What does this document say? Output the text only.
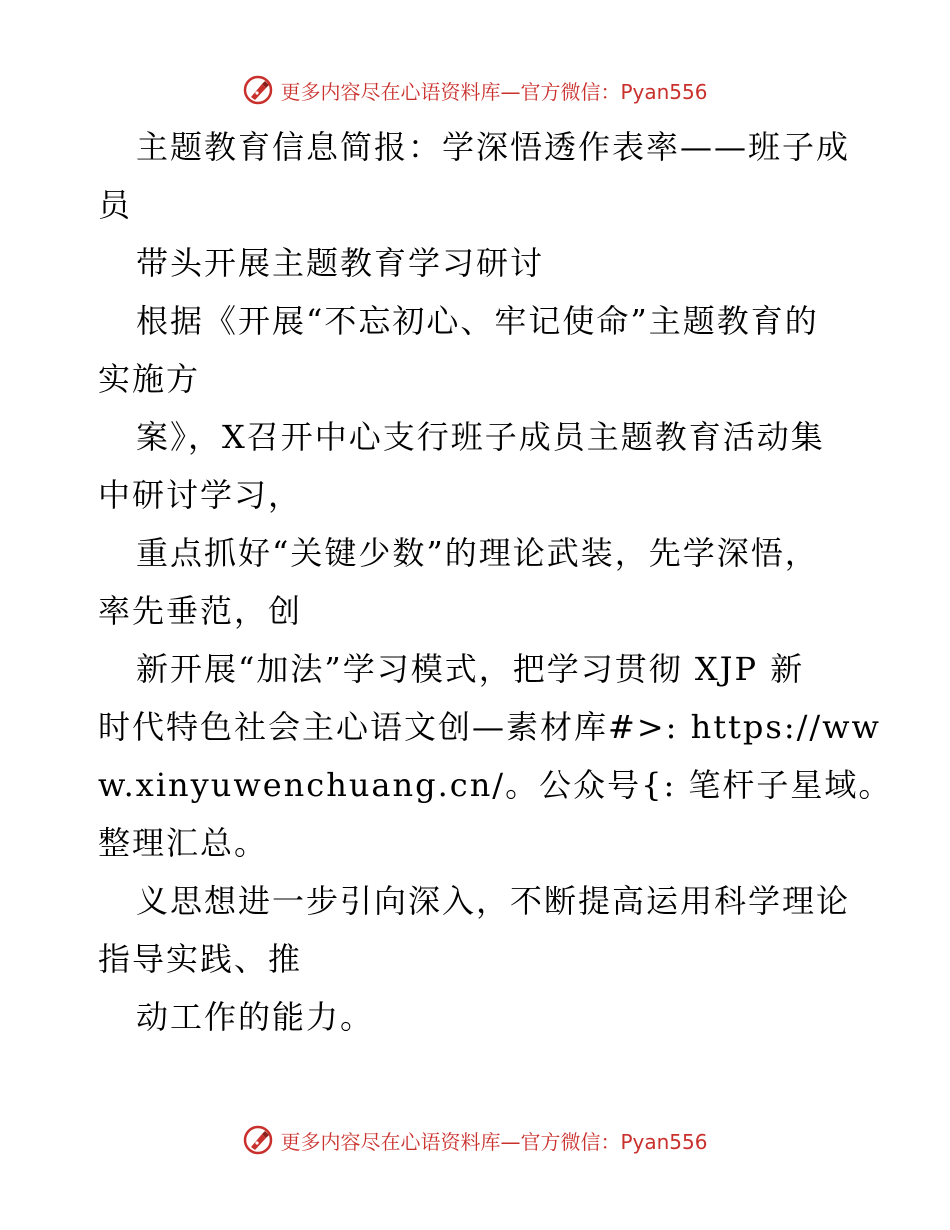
更多内容尽在心语资料库—官方微信：Pyan556
主题教育信息简报：学深悟透作表率——班子成
员
带头开展主题教育学习研讨
根据《开展“不忘初心、牢记使命”主题教育的
实施方
案》，X召开中心支行班子成员主题教育活动集
中研讨学习，
重点抓好“关键少数”的理论武装，先学深悟，
率先垂范，创
新开展“加法”学习模式，把学习贯彻 XJP 新
时代特色社会主心语文创—素材库#>: https://ww
w.xinyuwenchuang.cn/。公众号{: 笔杆子星域。
整理汇总。
义思想进一步引向深入，不断提高运用科学理论
指导实践、推
动工作的能力。
更多内容尽在心语资料库—官方微信：Pyan556
